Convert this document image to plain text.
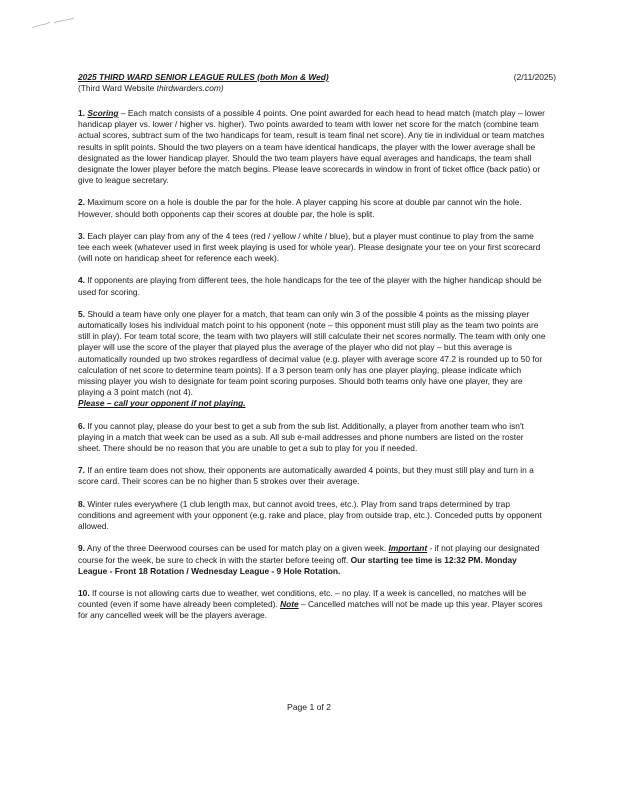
2025 THIRD WARD SENIOR LEAGUE RULES (both Mon & Wed)	(2/11/2025)
(Third Ward Website thirdwarders.com)

1. Scoring – Each match consists of a possible 4 points. One point awarded for each head to head match (match play – lower handicap player vs. lower / higher vs. higher). Two points awarded to team with lower net score for the match (combine team actual scores, subtract sum of the two handicaps for team, result is team final net score). Any tie in individual or team matches results in split points. Should the two players on a team have identical handicaps, the player with the lower average shall be designated as the lower handicap player. Should the two team players have equal averages and handicaps, the team shall designate the lower player before the match begins. Please leave scorecards in window in front of ticket office (back patio) or give to league secretary.

2. Maximum score on a hole is double the par for the hole. A player capping his score at double par cannot win the hole. However, should both opponents cap their scores at double par, the hole is split.

3. Each player can play from any of the 4 tees (red / yellow / white / blue), but a player must continue to play from the same tee each week (whatever used in first week playing is used for whole year). Please designate your tee on your first scorecard (will note on handicap sheet for reference each week).

4. If opponents are playing from different tees, the hole handicaps for the tee of the player with the higher handicap should be used for scoring.

5. Should a team have only one player for a match, that team can only win 3 of the possible 4 points as the missing player automatically loses his individual match point to his opponent (note – this opponent must still play as the team two points are still in play). For team total score, the team with two players will still calculate their net scores normally. The team with only one player will use the score of the player that played plus the average of the player who did not play – but this average is automatically rounded up two strokes regardless of decimal value (e.g. player with average score 47.2 is rounded up to 50 for calculation of net score to determine team points). If a 3 person team only has one player playing, please indicate which missing player you wish to designate for team point scoring purposes. Should both teams only have one player, they are playing a 3 point match (not 4).
Please – call your opponent if not playing.

6. If you cannot play, please do your best to get a sub from the sub list. Additionally, a player from another team who isn't playing in a match that week can be used as a sub. All sub e-mail addresses and phone numbers are listed on the roster sheet. There should be no reason that you are unable to get a sub to play for you if needed.

7. If an entire team does not show, their opponents are automatically awarded 4 points, but they must still play and turn in a score card. Their scores can be no higher than 5 strokes over their average.

8. Winter rules everywhere (1 club length max, but cannot avoid trees, etc.). Play from sand traps determined by trap conditions and agreement with your opponent (e.g. rake and place, play from outside trap, etc.). Conceded putts by opponent allowed.

9. Any of the three Deerwood courses can be used for match play on a given week. Important - if not playing our designated course for the week, be sure to check in with the starter before teeing off. Our starting tee time is 12:32 PM. Monday League - Front 18 Rotation / Wednesday League - 9 Hole Rotation.

10. If course is not allowing carts due to weather, wet conditions, etc. – no play. If a week is cancelled, no matches will be counted (even if some have already been completed). Note – Cancelled matches will not be made up this year. Player scores for any cancelled week will be the players average.

Page 1 of 2
